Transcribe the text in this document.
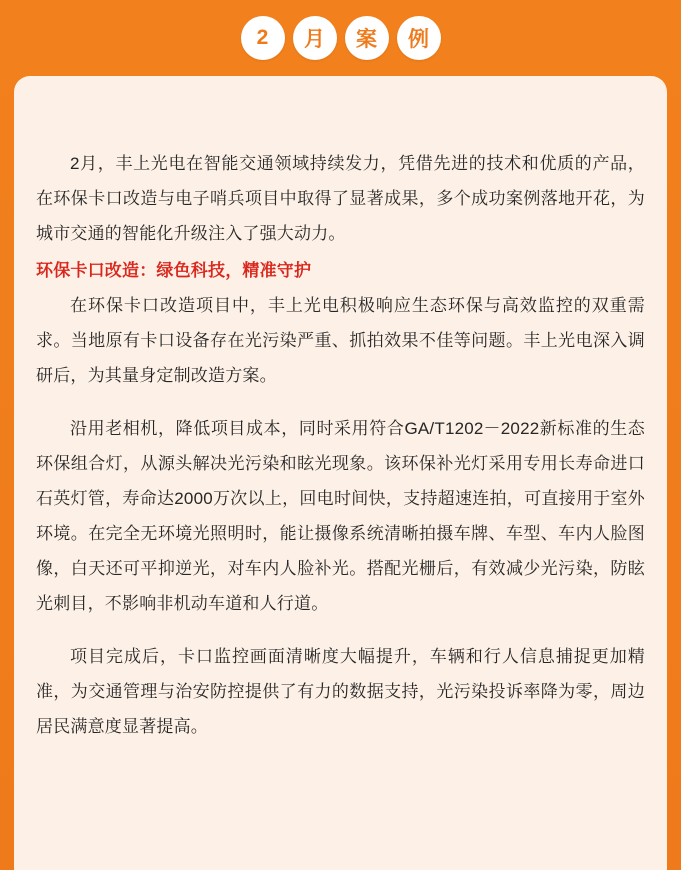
2	月	案	例

2月，丰上光电在智能交通领域持续发力，凭借先进的技术和优质的产品，在环保卡口改造与电子哨兵项目中取得了显著成果，多个成功案例落地开花，为城市交通的智能化升级注入了强大动力。

环保卡口改造：绿色科技，精准守护

在环保卡口改造项目中，丰上光电积极响应生态环保与高效监控的双重需求。当地原有卡口设备存在光污染严重、抓拍效果不佳等问题。丰上光电深入调研后，为其量身定制改造方案。

沿用老相机，降低项目成本，同时采用符合GA/T1202－2022新标准的生态环保组合灯，从源头解决光污染和眩光现象。该环保补光灯采用专用长寿命进口石英灯管，寿命达2000万次以上，回电时间快，支持超速连拍，可直接用于室外环境。在完全无环境光照明时，能让摄像系统清晰拍摄车牌、车型、车内人脸图像，白天还可平抑逆光，对车内人脸补光。搭配光栅后，有效减少光污染，防眩光刺目，不影响非机动车道和人行道。

项目完成后，卡口监控画面清晰度大幅提升，车辆和行人信息捕捉更加精准，为交通管理与治安防控提供了有力的数据支持，光污染投诉率降为零，周边居民满意度显著提高。
